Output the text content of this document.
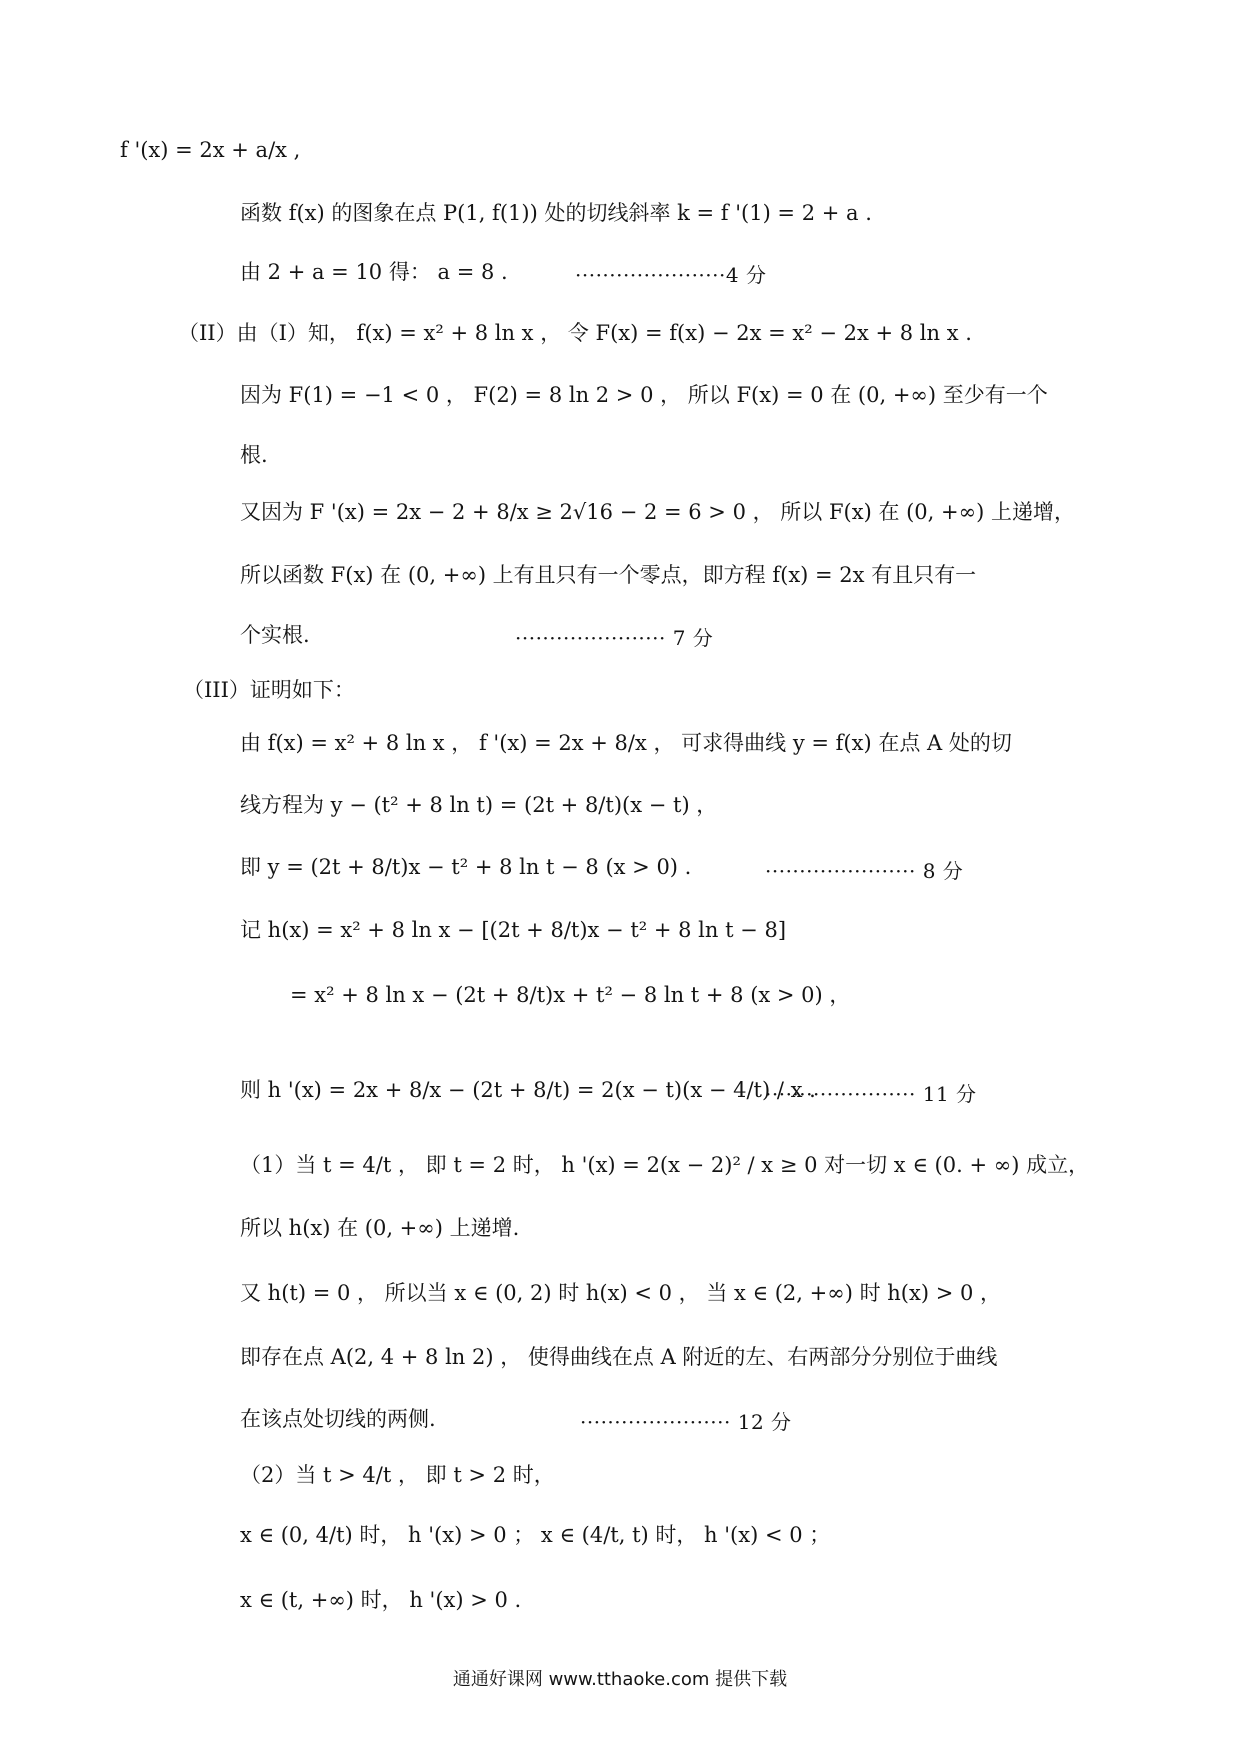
f '(x) = 2x + a/x ,
函数 f(x) 的图象在点 P(1, f(1)) 处的切线斜率 k = f '(1) = 2 + a .
由 2 + a = 10 得： a = 8 .	······················4 分
（II）由（I）知， f(x) = x² + 8 ln x ， 令 F(x) = f(x) − 2x = x² − 2x + 8 ln x .
因为 F(1) = −1 < 0 ， F(2) = 8 ln 2 > 0 ， 所以 F(x) = 0 在 (0, +∞) 至少有一个
根.
又因为 F '(x) = 2x − 2 + 8/x ≥ 2√16 − 2 = 6 > 0 ， 所以 F(x) 在 (0, +∞) 上递增，
所以函数 F(x) 在 (0, +∞) 上有且只有一个零点，即方程 f(x) = 2x 有且只有一
个实根.	······················ 7 分
（III）证明如下：
由 f(x) = x² + 8 ln x ， f '(x) = 2x + 8/x ， 可求得曲线 y = f(x) 在点 A 处的切
线方程为 y − (t² + 8 ln t) = (2t + 8/t)(x − t) ，
即 y = (2t + 8/t)x − t² + 8 ln t − 8 (x > 0) .	······················ 8 分
记 h(x) = x² + 8 ln x − [(2t + 8/t)x − t² + 8 ln t − 8]
= x² + 8 ln x − (2t + 8/t)x + t² − 8 ln t + 8 (x > 0) ，
则 h '(x) = 2x + 8/x − (2t + 8/t) = 2(x − t)(x − 4/t) / x .
······················ 11 分
（1）当 t = 4/t ， 即 t = 2 时， h '(x) = 2(x − 2)² / x ≥ 0 对一切 x ∈ (0. + ∞) 成立，
所以 h(x) 在 (0, +∞) 上递增.
又 h(t) = 0 ， 所以当 x ∈ (0, 2) 时 h(x) < 0 ， 当 x ∈ (2, +∞) 时 h(x) > 0 ，
即存在点 A(2, 4 + 8 ln 2) ， 使得曲线在点 A 附近的左、右两部分分别位于曲线
在该点处切线的两侧.	······················ 12 分
（2）当 t > 4/t ， 即 t > 2 时，
x ∈ (0, 4/t) 时， h '(x) > 0 ； x ∈ (4/t, t) 时， h '(x) < 0 ；
x ∈ (t, +∞) 时， h '(x) > 0 .
通通好课网 www.tthaoke.com 提供下载
